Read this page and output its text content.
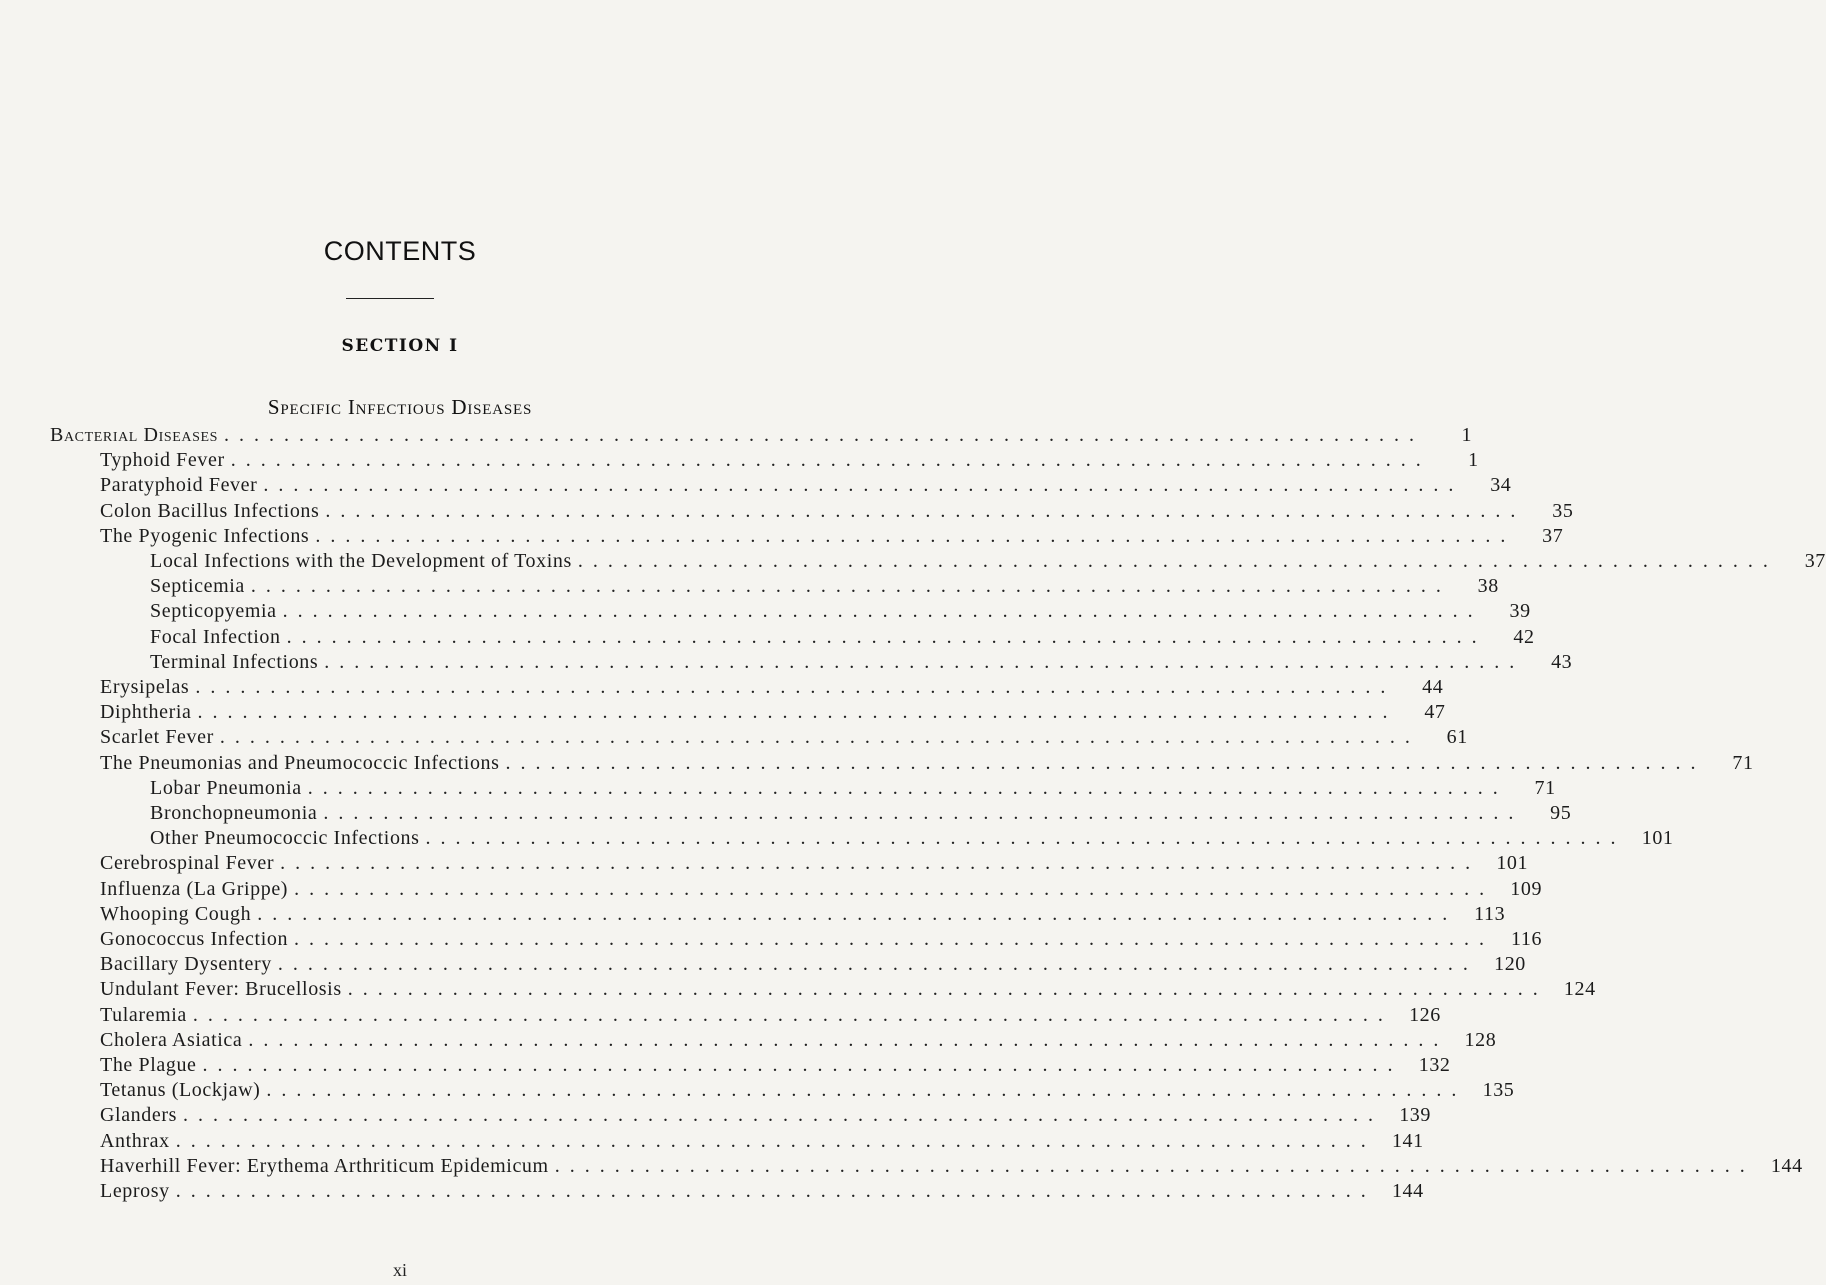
CONTENTS
SECTION I
Specific Infectious Diseases
Bacterial Diseases ................................................................................	1
Typhoid Fever ................................................................................	1
Paratyphoid Fever ................................................................................	34
Colon Bacillus Infections ................................................................................	35
The Pyogenic Infections ................................................................................	37
Local Infections with the Development of Toxins ................................................................................	37
Septicemia ................................................................................	38
Septicopyemia ................................................................................	39
Focal Infection ................................................................................	42
Terminal Infections ................................................................................	43
Erysipelas ................................................................................	44
Diphtheria ................................................................................	47
Scarlet Fever ................................................................................	61
The Pneumonias and Pneumococcic Infections ................................................................................	71
Lobar Pneumonia ................................................................................	71
Bronchopneumonia ................................................................................	95
Other Pneumococcic Infections ................................................................................ 101
Cerebrospinal Fever ................................................................................ 101
Influenza (La Grippe) ................................................................................ 109
Whooping Cough ................................................................................ 113
Gonococcus Infection ................................................................................ 116
Bacillary Dysentery ................................................................................ 120
Undulant Fever: Brucellosis ................................................................................ 124
Tularemia ................................................................................ 126
Cholera Asiatica ................................................................................ 128
The Plague ................................................................................ 132
Tetanus (Lockjaw) ................................................................................ 135
Glanders ................................................................................ 139
Anthrax ................................................................................ 141
Haverhill Fever: Erythema Arthriticum Epidemicum ................................................................................ 144
Leprosy ................................................................................ 144
xi
